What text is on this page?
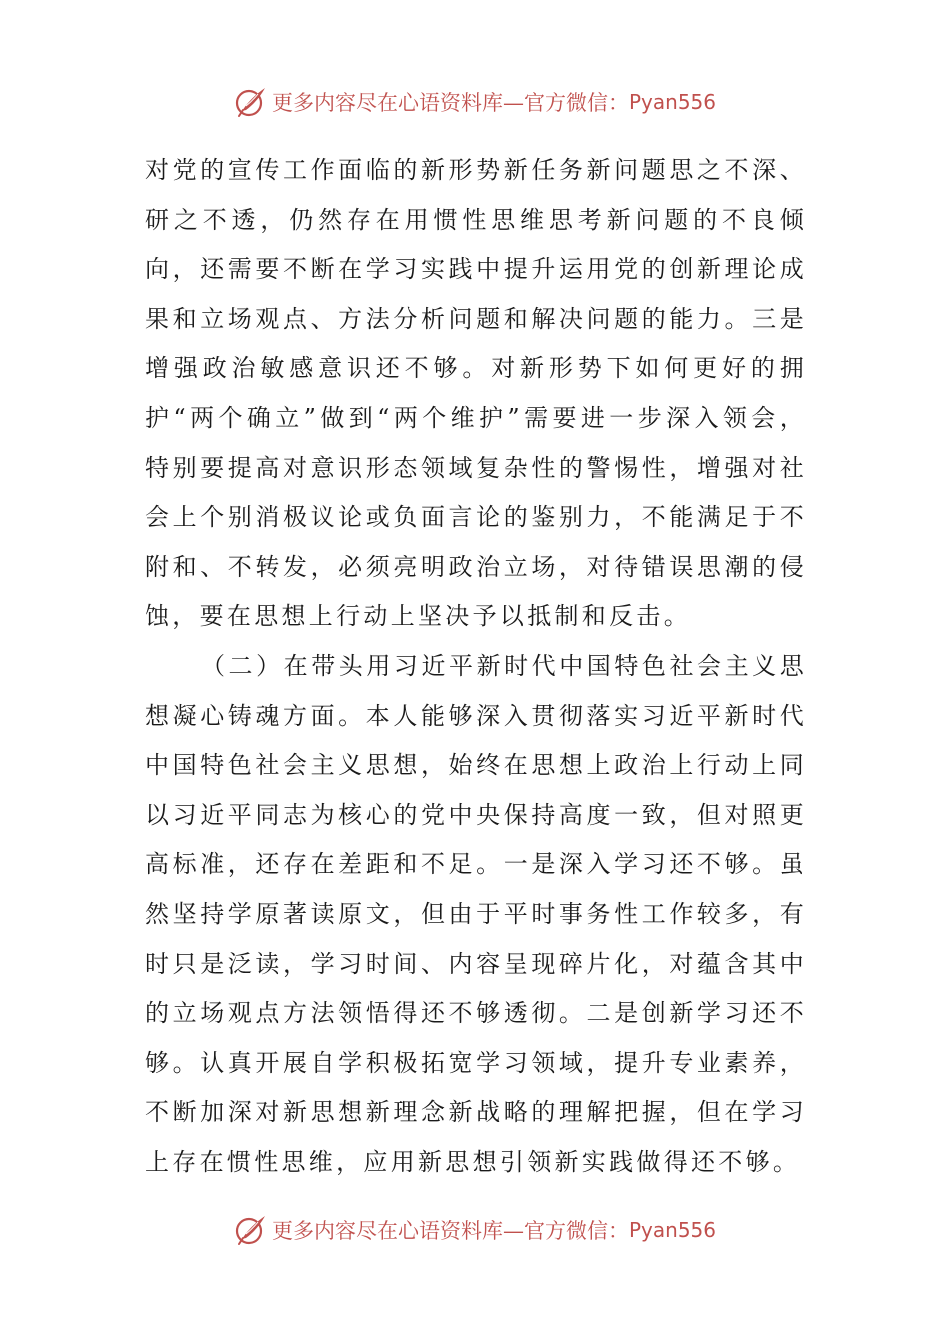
更多内容尽在心语资料库—官方微信： Pyan556

对党的宣传工作面临的新形势新任务新问题思之不深、研之不透，仍然存在用惯性思维思考新问题的不良倾向，还需要不断在学习实践中提升运用党的创新理论成果和立场观点、方法分析问题和解决问题的能力。三是增强政治敏感意识还不够。对新形势下如何更好的拥护“两个确立”做到“两个维护”需要进一步深入领会，特别要提高对意识形态领域复杂性的警惕性，增强对社会上个别消极议论或负面言论的鉴别力，不能满足于不附和、不转发，必须亮明政治立场，对待错误思潮的侵蚀，要在思想上行动上坚决予以抵制和反击。

（二）在带头用习近平新时代中国特色社会主义思想凝心铸魂方面。本人能够深入贯彻落实习近平新时代中国特色社会主义思想，始终在思想上政治上行动上同以习近平同志为核心的党中央保持高度一致，但对照更高标准，还存在差距和不足。一是深入学习还不够。虽然坚持学原著读原文，但由于平时事务性工作较多，有时只是泛读，学习时间、内容呈现碎片化，对蕴含其中的立场观点方法领悟得还不够透彻。二是创新学习还不够。认真开展自学积极拓宽学习领域，提升专业素养，不断加深对新思想新理念新战略的理解把握，但在学习上存在惯性思维，应用新思想引领新实践做得还不够。

更多内容尽在心语资料库—官方微信： Pyan556
